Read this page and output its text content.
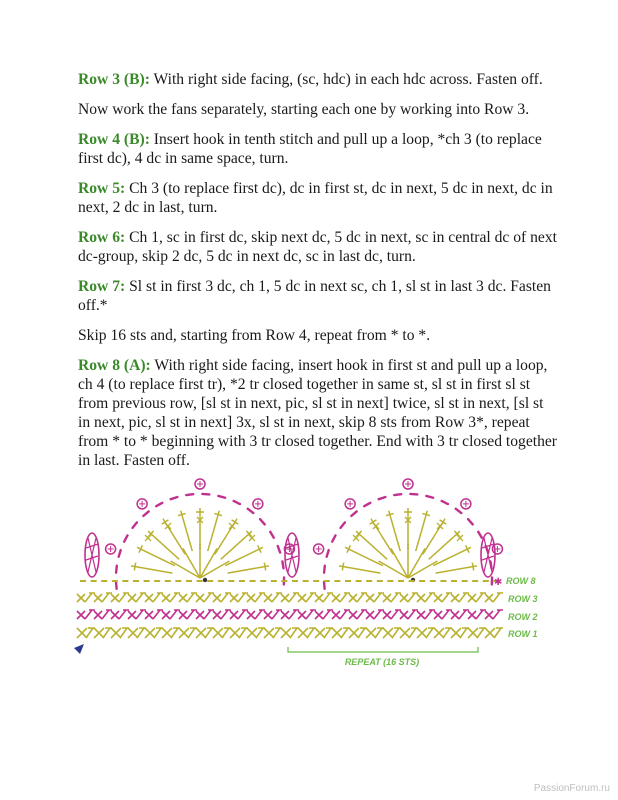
Row 3 (B): With right side facing, (sc, hdc) in each hdc across. Fasten off.

Now work the fans separately, starting each one by working into Row 3.

Row 4 (B): Insert hook in tenth stitch and pull up a loop, *ch 3 (to replace first dc), 4 dc in same space, turn.

Row 5: Ch 3 (to replace first dc), dc in first st, dc in next, 5 dc in next, dc in next, 2 dc in last, turn.

Row 6: Ch 1, sc in first dc, skip next dc, 5 dc in next, sc in central dc of next dc-group, skip 2 dc, 5 dc in next dc, sc in last dc, turn.

Row 7: Sl st in first 3 dc, ch 1, 5 dc in next sc, ch 1, sl st in last 3 dc. Fasten off.*

Skip 16 sts and, starting from Row 4, repeat from * to *.

Row 8 (A): With right side facing, insert hook in first st and pull up a loop, ch 4 (to replace first tr), *2 tr closed together in same st, sl st in first sl st from previous row, [sl st in next, pic, sl st in next] twice, sl st in next, [sl st in next, pic, sl st in next] 3x, sl st in next, skip 8 sts from Row 3*, repeat from * to * beginning with 3 tr closed together. End with 3 tr closed together in last. Fasten off.

✱ ROW 8
ROW 3
ROW 2
ROW 1
REPEAT (16 STS)
PassionForum.ru
